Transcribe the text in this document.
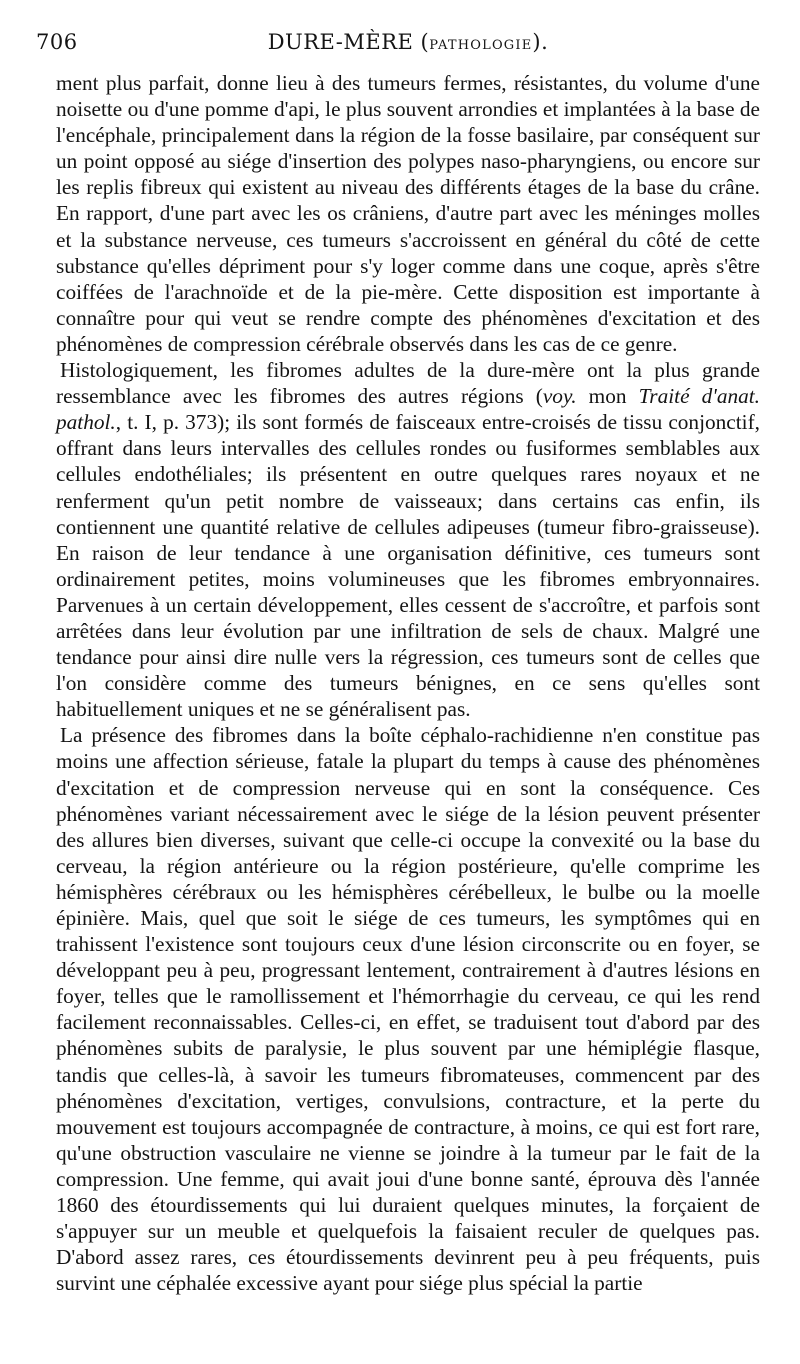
706	DURE-MÈRE (PATHOLOGIE).

ment plus parfait, donne lieu à des tumeurs fermes, résistantes, du volume d'une noisette ou d'une pomme d'api, le plus souvent arrondies et implantées à la base de l'encéphale, principalement dans la région de la fosse basilaire, par conséquent sur un point opposé au siége d'insertion des polypes naso-pharyngiens, ou encore sur les replis fibreux qui existent au niveau des différents étages de la base du crâne. En rapport, d'une part avec les os crâniens, d'autre part avec les méninges molles et la substance nerveuse, ces tumeurs s'accroissent en général du côté de cette substance qu'elles dépriment pour s'y loger comme dans une coque, après s'être coiffées de l'arachnoïde et de la pie-mère. Cette disposition est importante à connaître pour qui veut se rendre compte des phénomènes d'excitation et des phénomènes de compression cérébrale observés dans les cas de ce genre.

Histologiquement, les fibromes adultes de la dure-mère ont la plus grande ressemblance avec les fibromes des autres régions (voy. mon Traité d'anat. pathol., t. I, p. 373); ils sont formés de faisceaux entre-croisés de tissu conjonctif, offrant dans leurs intervalles des cellules rondes ou fusiformes semblables aux cellules endothéliales; ils présentent en outre quelques rares noyaux et ne renferment qu'un petit nombre de vaisseaux; dans certains cas enfin, ils contiennent une quantité relative de cellules adipeuses (tumeur fibro-graisseuse). En raison de leur tendance à une organisation définitive, ces tumeurs sont ordinairement petites, moins volumineuses que les fibromes embryonnaires. Parvenues à un certain développement, elles cessent de s'accroître, et parfois sont arrêtées dans leur évolution par une infiltration de sels de chaux. Malgré une tendance pour ainsi dire nulle vers la régression, ces tumeurs sont de celles que l'on considère comme des tumeurs bénignes, en ce sens qu'elles sont habituellement uniques et ne se généralisent pas.

La présence des fibromes dans la boîte céphalo-rachidienne n'en constitue pas moins une affection sérieuse, fatale la plupart du temps à cause des phénomènes d'excitation et de compression nerveuse qui en sont la conséquence. Ces phénomènes variant nécessairement avec le siége de la lésion peuvent présenter des allures bien diverses, suivant que celle-ci occupe la convexité ou la base du cerveau, la région antérieure ou la région postérieure, qu'elle comprime les hémisphères cérébraux ou les hémisphères cérébelleux, le bulbe ou la moelle épinière. Mais, quel que soit le siége de ces tumeurs, les symptômes qui en trahissent l'existence sont toujours ceux d'une lésion circonscrite ou en foyer, se développant peu à peu, progressant lentement, contrairement à d'autres lésions en foyer, telles que le ramollissement et l'hémorrhagie du cerveau, ce qui les rend facilement reconnaissables. Celles-ci, en effet, se traduisent tout d'abord par des phénomènes subits de paralysie, le plus souvent par une hémiplégie flasque, tandis que celles-là, à savoir les tumeurs fibromateuses, commencent par des phénomènes d'excitation, vertiges, convulsions, contracture, et la perte du mouvement est toujours accompagnée de contracture, à moins, ce qui est fort rare, qu'une obstruction vasculaire ne vienne se joindre à la tumeur par le fait de la compression. Une femme, qui avait joui d'une bonne santé, éprouva dès l'année 1860 des étourdissements qui lui duraient quelques minutes, la forçaient de s'appuyer sur un meuble et quelquefois la faisaient reculer de quelques pas. D'abord assez rares, ces étourdissements devinrent peu à peu fréquents, puis survint une céphalée excessive ayant pour siége plus spécial la partie
